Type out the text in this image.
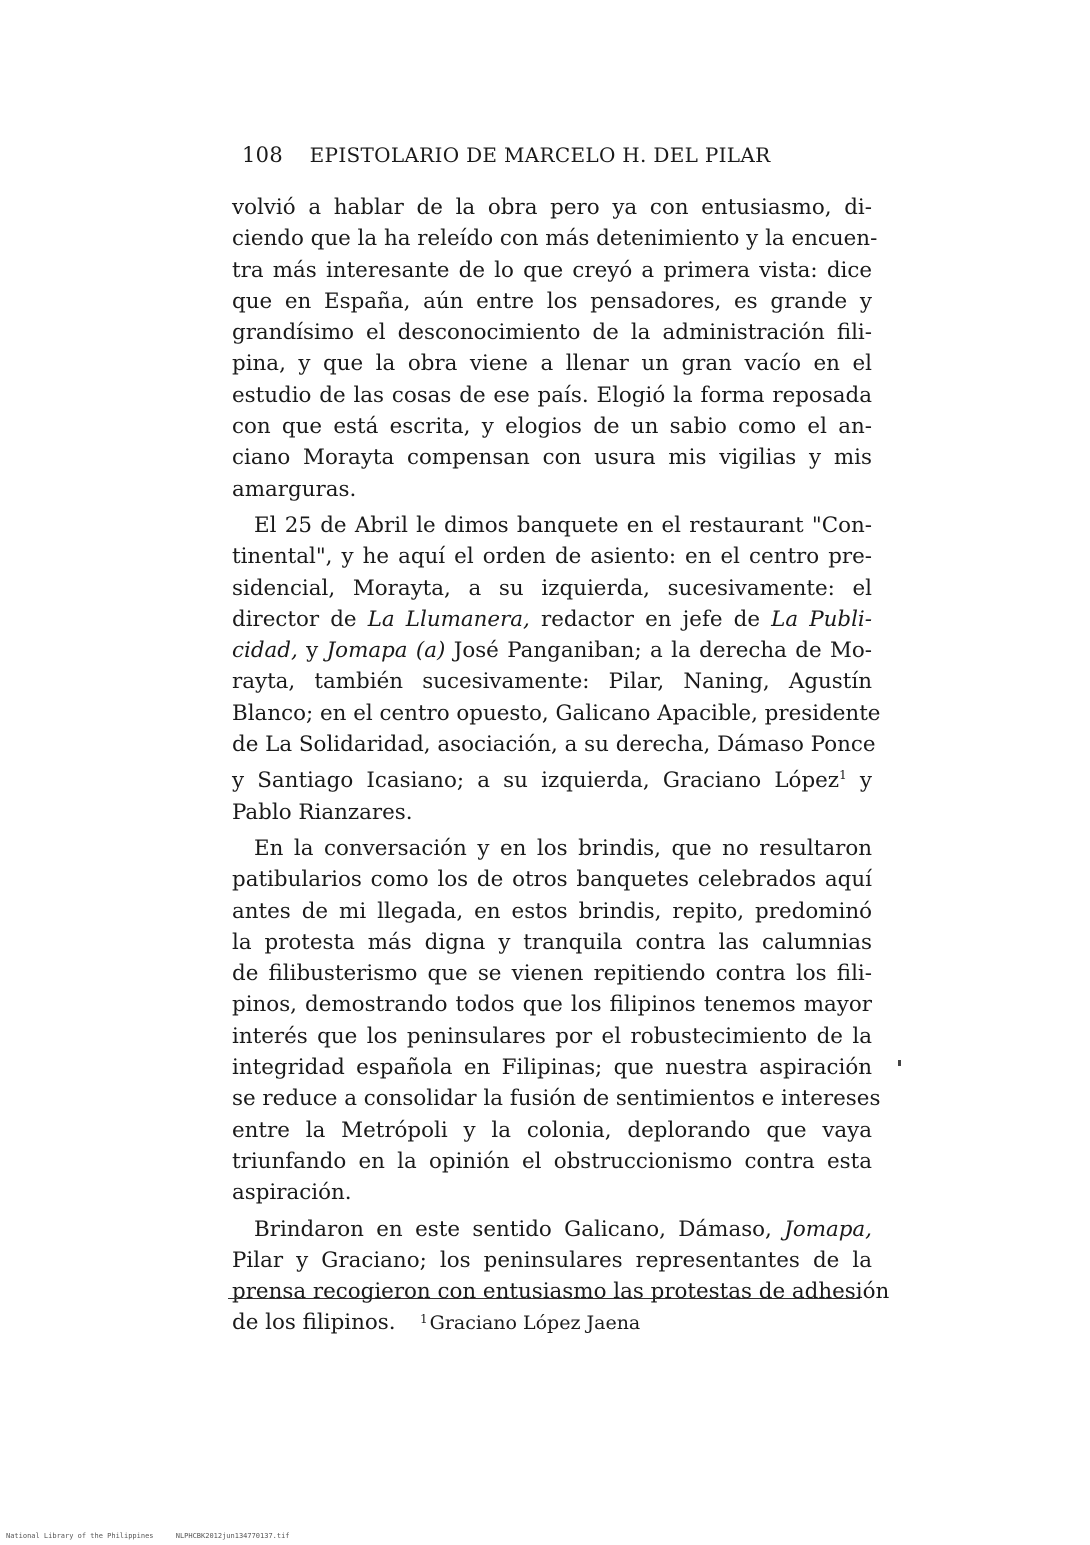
108 EPISTOLARIO DE MARCELO H. DEL PILAR
volvió a hablar de la obra pero ya con entusiasmo, di-
ciendo que la ha releído con más detenimiento y la encuen-
tra más interesante de lo que creyó a primera vista: dice
que en España, aún entre los pensadores, es grande y
grandísimo el desconocimiento de la administración fili-
pina, y que la obra viene a llenar un gran vacío en el
estudio de las cosas de ese país. Elogió la forma reposada
con que está escrita, y elogios de un sabio como el an-
ciano Morayta compensan con usura mis vigilias y mis
amarguras.
El 25 de Abril le dimos banquete en el restaurant "Con-
tinental", y he aquí el orden de asiento: en el centro pre-
sidencial, Morayta, a su izquierda, sucesivamente: el
director de La Llumanera, redactor en jefe de La Publi-
cidad, y Jomapa (a) José Panganiban; a la derecha de Mo-
rayta, también sucesivamente: Pilar, Naning, Agustín
Blanco; en el centro opuesto, Galicano Apacible, presidente
de La Solidaridad, asociación, a su derecha, Dámaso Ponce
y Santiago Icasiano; a su izquierda, Graciano López$^1$ y
Pablo Rianzares.
En la conversación y en los brindis, que no resultaron
patibularios como los de otros banquetes celebrados aquí
antes de mi llegada, en estos brindis, repito, predominó
la protesta más digna y tranquila contra las calumnias
de filibusterismo que se vienen repitiendo contra los fili-
pinos, demostrando todos que los filipinos tenemos mayor
interés que los peninsulares por el robustecimiento de la
integridad española en Filipinas; que nuestra aspiración
se reduce a consolidar la fusión de sentimientos e intereses
entre la Metrópoli y la colonia, deplorando que vaya
triunfando en la opinión el obstruccionismo contra esta
aspiración.
Brindaron en este sentido Galicano, Dámaso, Jomapa,
Pilar y Graciano; los peninsulares representantes de la
prensa recogieron con entusiasmo las protestas de adhesión
de los filipinos.	$^1$ Graciano López Jaena
National Library of the Philippines	NLPHCBK2012jun134770137.tif
